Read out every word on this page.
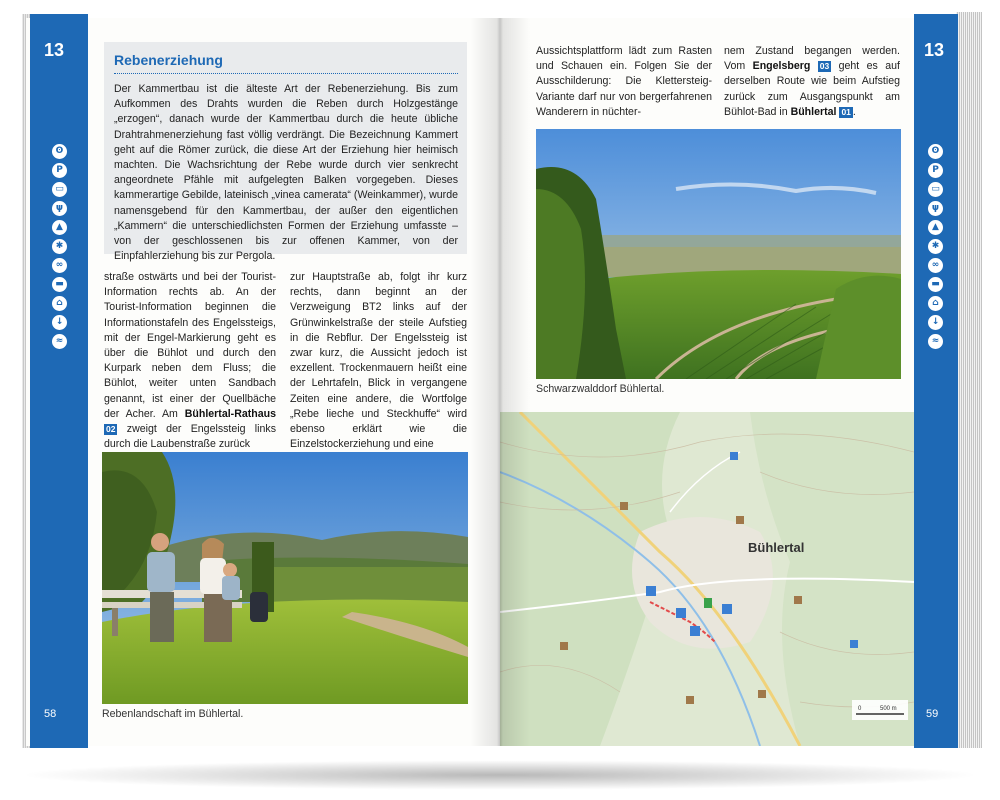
13
ʘ
P
▭
ψ
▲
✱
∞
▬
⌂
↓
≈
58
Rebenerziehung
Der Kammertbau ist die älteste Art der Rebenerziehung. Bis zum Aufkommen des Drahts wurden die Reben durch Holzgestänge „erzogen“, danach wurde der Kammertbau durch die heute übliche Drahtrahmenerziehung fast völlig verdrängt. Die Bezeichnung Kammert geht auf die Römer zurück, die diese Art der Erziehung hier heimisch machten. Die Wachsrichtung der Rebe wurde durch vier senkrecht angeordnete Pfähle mit aufgelegten Balken vorgegeben. Dieses kammerartige Gebilde, lateinisch „vinea camerata“ (Weinkammer), wurde namensgebend für den Kammertbau, der außer den eigentlichen „Kammern“ die unterschiedlichsten Formen der Erziehung umfasste – von der geschlossenen bis zur offenen Kammer, von der Einpfahlerziehung bis zur Pergola.
straße ostwärts und bei der Tourist-Information rechts ab. An der Tourist-Information beginnen die Informationstafeln des Engelssteigs, mit der Engel-Markierung geht es über die Bühlot und durch den Kurpark neben dem Fluss; die Bühlot, weiter unten Sandbach genannt, ist einer der Quellbäche der Acher. Am Bühlertal-Rathaus 02 zweigt der Engelssteig links durch die Laubenstraße zurück
zur Hauptstraße ab, folgt ihr kurz rechts, dann beginnt an der Verzweigung BT2 links auf der Grünwinkelstraße der steile Aufstieg in die Rebflur. Der Engelssteig ist zwar kurz, die Aussicht jedoch ist exzellent. Trockenmauern heißt eine der Lehrtafeln, Blick in vergangene Zeiten eine andere, die Wortfolge „Rebe lieche und Steckhuffe“ wird ebenso erklärt wie die Einzelstockerziehung und eine
Rebenlandschaft im Bühlertal.
Aussichtsplattform lädt zum Rasten und Schauen ein. Folgen Sie der Ausschilderung: Die Klettersteig-Variante darf nur von bergerfahrenen Wanderern in nüchter-
nem Zustand begangen werden. Vom Engelsberg 03 geht es auf derselben Route wie beim Aufstieg zurück zum Ausgangspunkt am Bühlot-Bad in Bühlertal 01 .
Schwarzwalddorf Bühlertal.
Bühlertal
0	500 m
13
ʘ
P
▭
ψ
▲
✱
∞
▬
⌂
↓
≈
59
